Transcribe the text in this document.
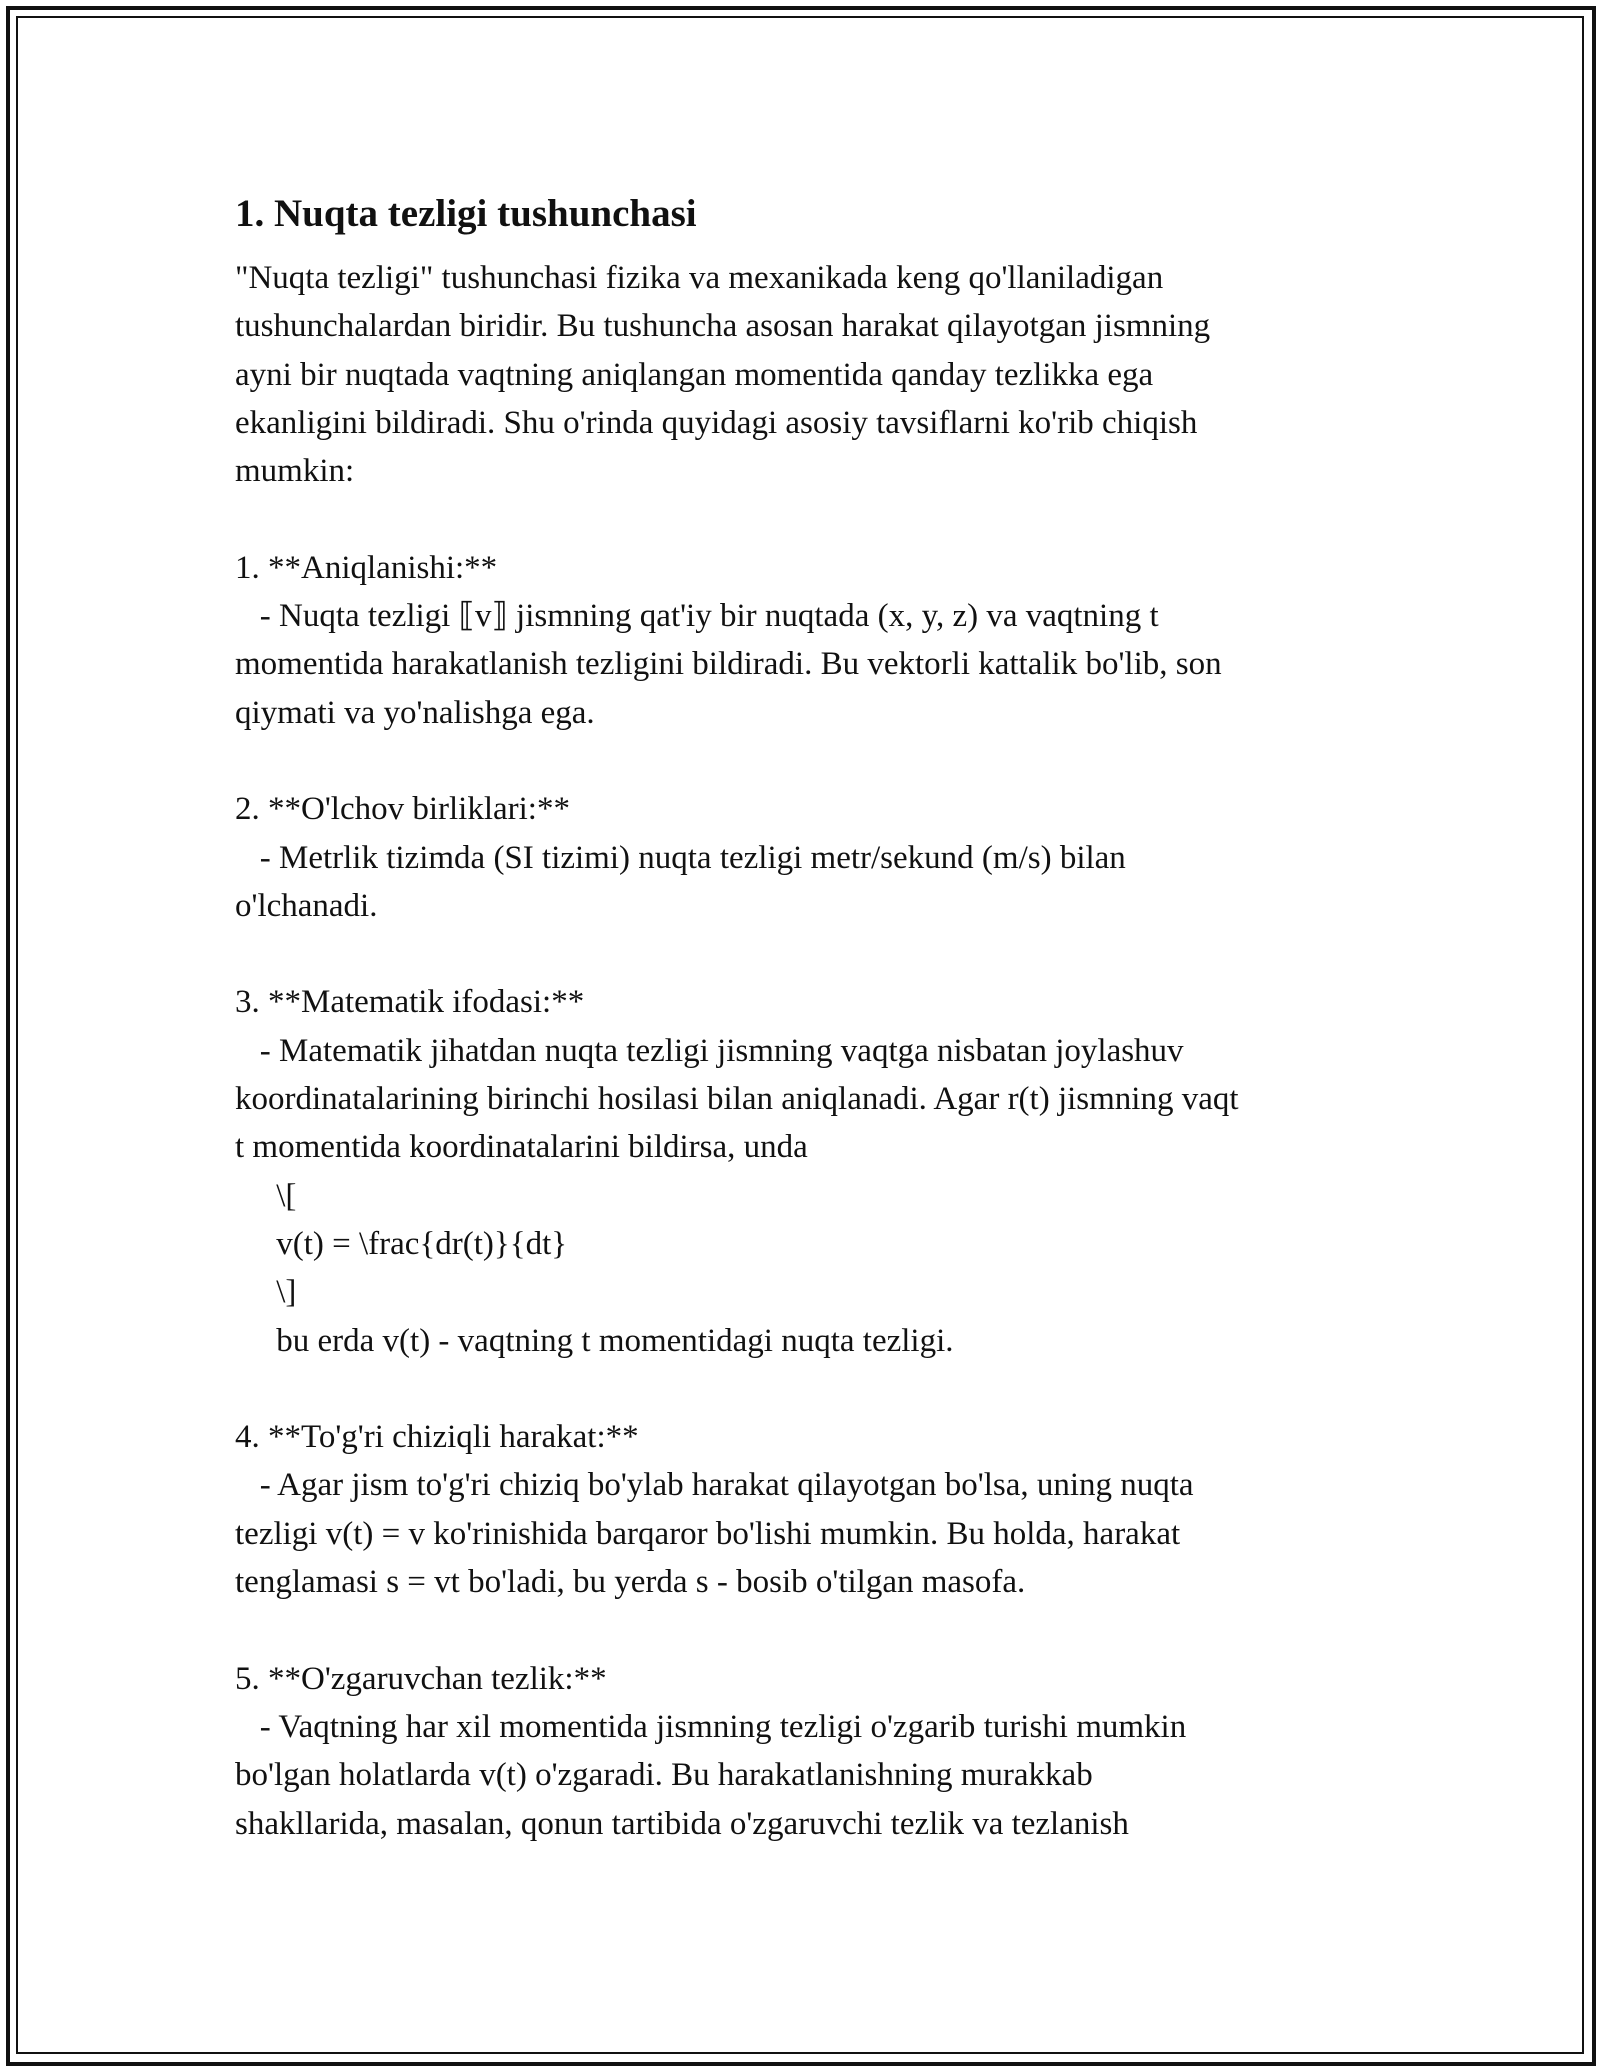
1. Nuqta tezligi tushunchasi

"Nuqta tezligi" tushunchasi fizika va mexanikada keng qo'llaniladigan
tushunchalardan biridir. Bu tushuncha asosan harakat qilayotgan jismning
ayni bir nuqtada vaqtning aniqlangan momentida qanday tezlikka ega
ekanligini bildiradi. Shu o'rinda quyidagi asosiy tavsiflarni ko'rib chiqish
mumkin:

1. **Aniqlanishi:**
- Nuqta tezligi ⟦v⟧ jismning qat'iy bir nuqtada (x, y, z) va vaqtning t
momentida harakatlanish tezligini bildiradi. Bu vektorli kattalik bo'lib, son
qiymati va yo'nalishga ega.

2. **O'lchov birliklari:**
- Metrlik tizimda (SI tizimi) nuqta tezligi metr/sekund (m/s) bilan
o'lchanadi.

3. **Matematik ifodasi:**
- Matematik jihatdan nuqta tezligi jismning vaqtga nisbatan joylashuv
koordinatalarining birinchi hosilasi bilan aniqlanadi. Agar r(t) jismning vaqt
t momentida koordinatalarini bildirsa, unda
\[
v(t) = \frac{dr(t)}{dt}
\]
bu erda v(t) - vaqtning t momentidagi nuqta tezligi.

4. **To'g'ri chiziqli harakat:**
- Agar jism to'g'ri chiziq bo'ylab harakat qilayotgan bo'lsa, uning nuqta
tezligi v(t) = v ko'rinishida barqaror bo'lishi mumkin. Bu holda, harakat
tenglamasi s = vt bo'ladi, bu yerda s - bosib o'tilgan masofa.

5. **O'zgaruvchan tezlik:**
- Vaqtning har xil momentida jismning tezligi o'zgarib turishi mumkin
bo'lgan holatlarda v(t) o'zgaradi. Bu harakatlanishning murakkab
shakllarida, masalan, qonun tartibida o'zgaruvchi tezlik va tezlanish
